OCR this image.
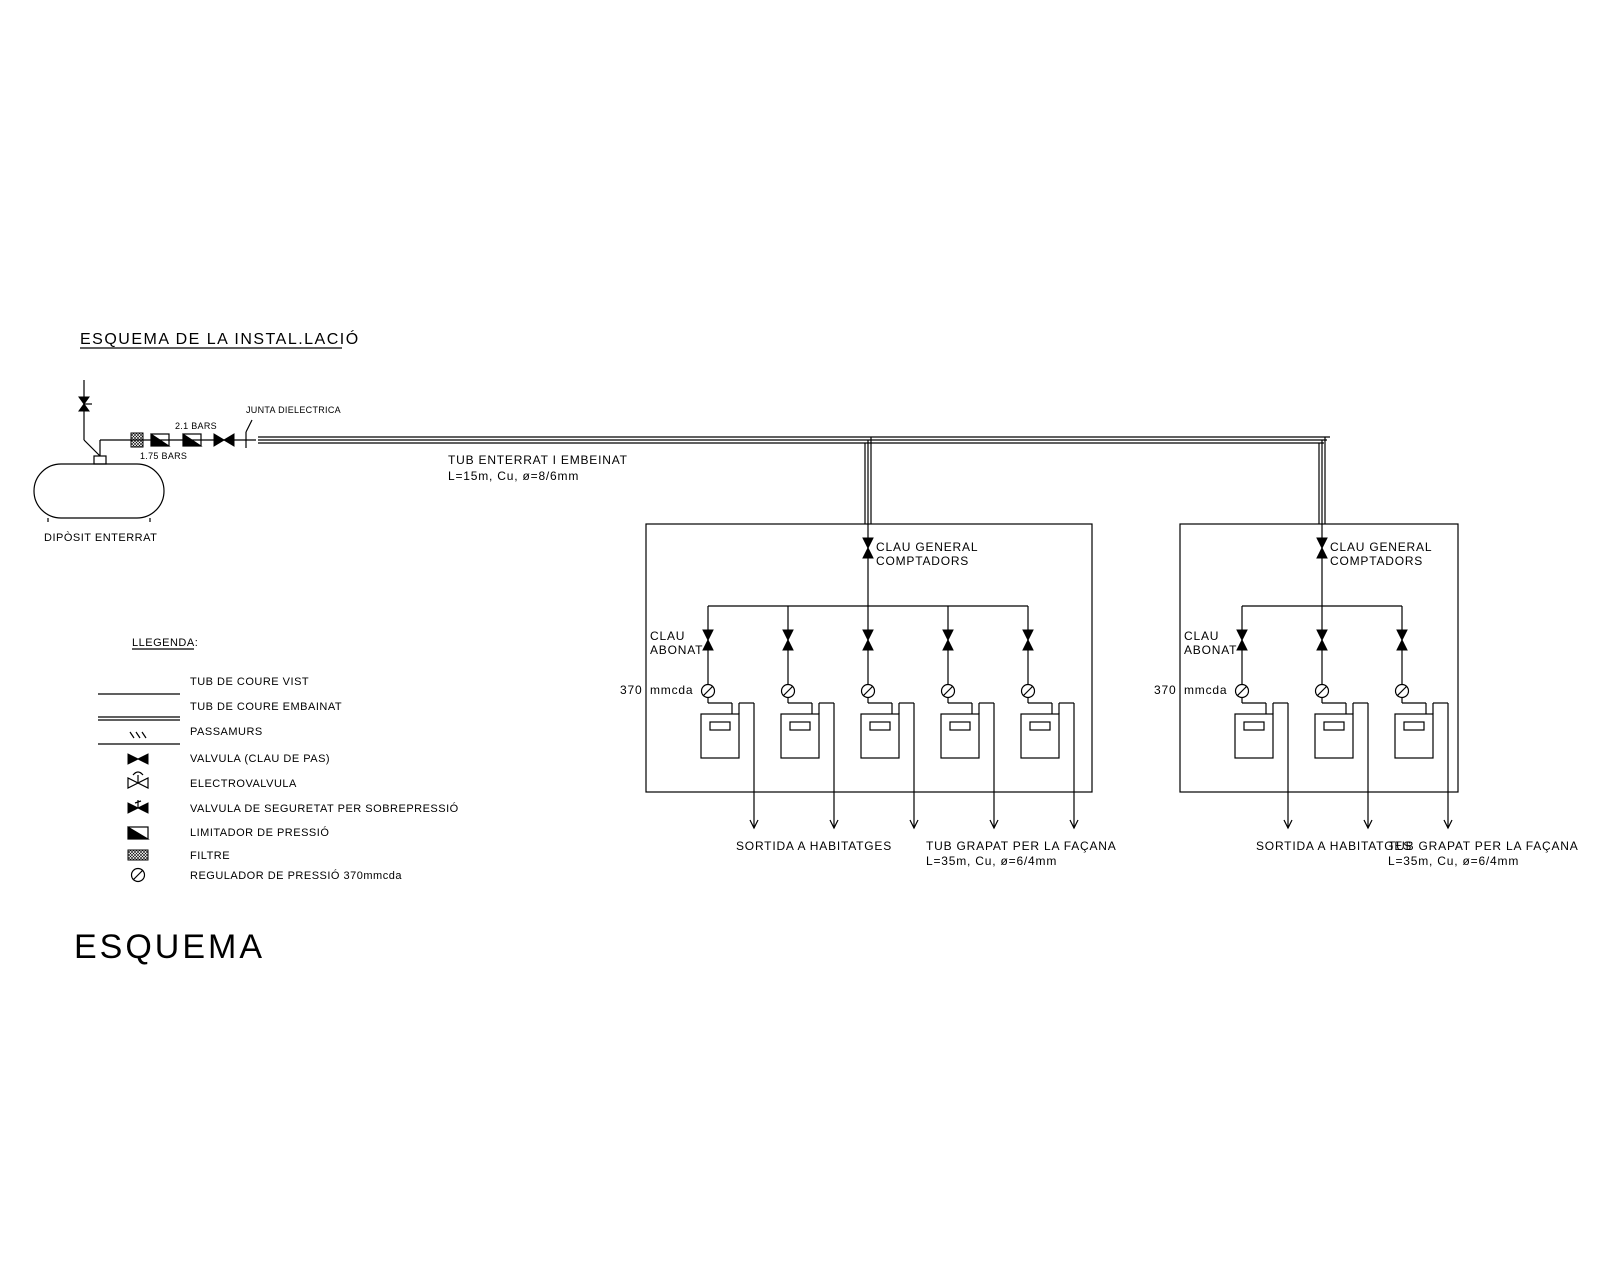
ESQUEMA DE LA INSTAL.LACIÓ
DIPÒSIT ENTERRAT
2.1 BARS
1.75 BARS
JUNTA DIELECTRICA
TUB ENTERRAT I EMBEINAT
L=15m, Cu, ø=8/6mm
CLAU GENERAL
COMPTADORS
CLAU
ABONAT
370 mmcda
SORTIDA A HABITATGES	TUB GRAPAT PER LA FAÇANA
L=35m, Cu, ø=6/4mm
CLAU GENERAL
COMPTADORS
CLAU
ABONAT
370 mmcda
SORTIDA A HABITATGES
TUB GRAPAT PER LA FAÇANA
L=35m, Cu, ø=6/4mm
LLEGENDA:
TUB DE COURE VIST
TUB DE COURE EMBAINAT
PASSAMURS
VALVULA (CLAU DE PAS)
ELECTROVALVULA
VALVULA DE SEGURETAT PER SOBREPRESSIÓ
LIMITADOR DE PRESSIÓ
FILTRE
REGULADOR DE PRESSIÓ 370mmcda
ESQUEMA
